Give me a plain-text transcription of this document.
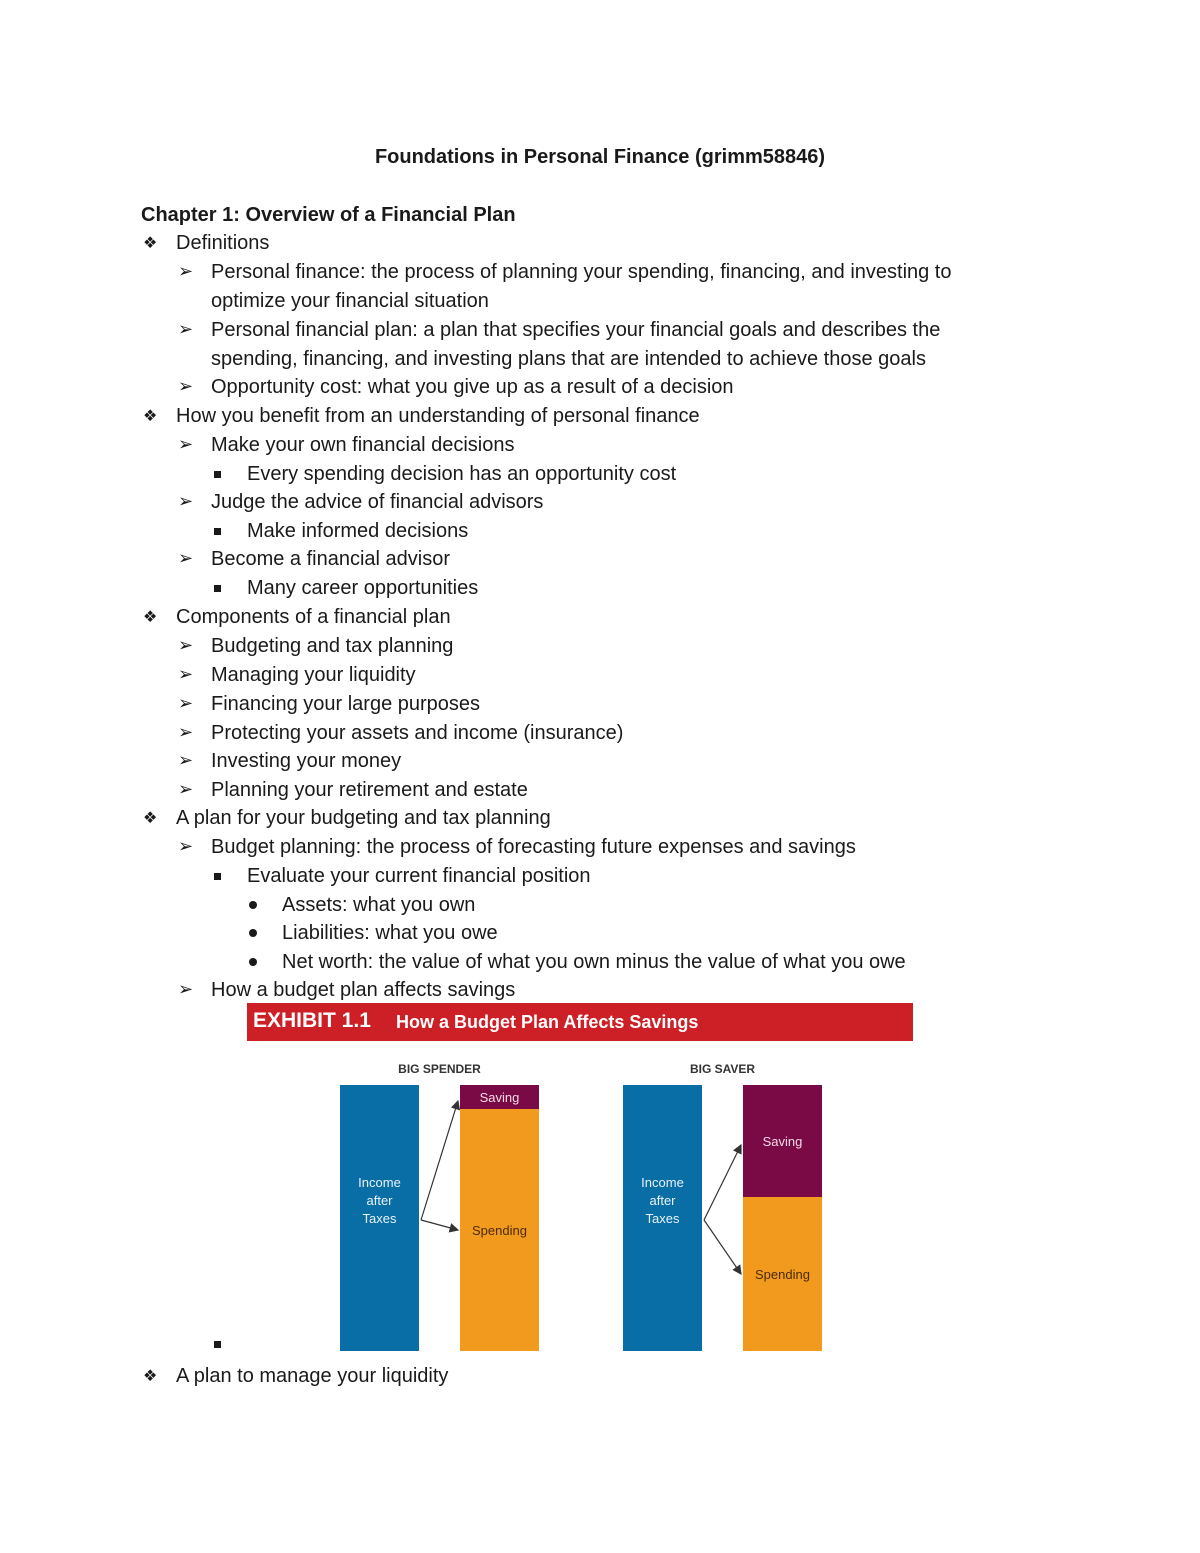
Foundations in Personal Finance (grimm58846)
Chapter 1: Overview of a Financial Plan
❖ Definitions
➢ Personal finance: the process of planning your spending, financing, and investing to
optimize your financial situation
➢ Personal financial plan: a plan that specifies your financial goals and describes the
spending, financing, and investing plans that are intended to achieve those goals
➢ Opportunity cost: what you give up as a result of a decision
❖ How you benefit from an understanding of personal finance
➢ Make your own financial decisions
Every spending decision has an opportunity cost
➢ Judge the advice of financial advisors
Make informed decisions
➢ Become a financial advisor
Many career opportunities
❖ Components of a financial plan
➢ Budgeting and tax planning
➢ Managing your liquidity
➢ Financing your large purposes
➢ Protecting your assets and income (insurance)
➢ Investing your money
➢ Planning your retirement and estate
❖ A plan for your budgeting and tax planning
➢ Budget planning: the process of forecasting future expenses and savings
Evaluate your current financial position
Assets: what you own
Liabilities: what you owe
Net worth: the value of what you own minus the value of what you owe
➢ How a budget plan affects savings
EXHIBIT 1.1 How a Budget Plan Affects Savings
BIG SPENDER
Income after Taxes
Saving
Spending
BIG SAVER
Income after Taxes
Saving
Spending
❖ A plan to manage your liquidity
